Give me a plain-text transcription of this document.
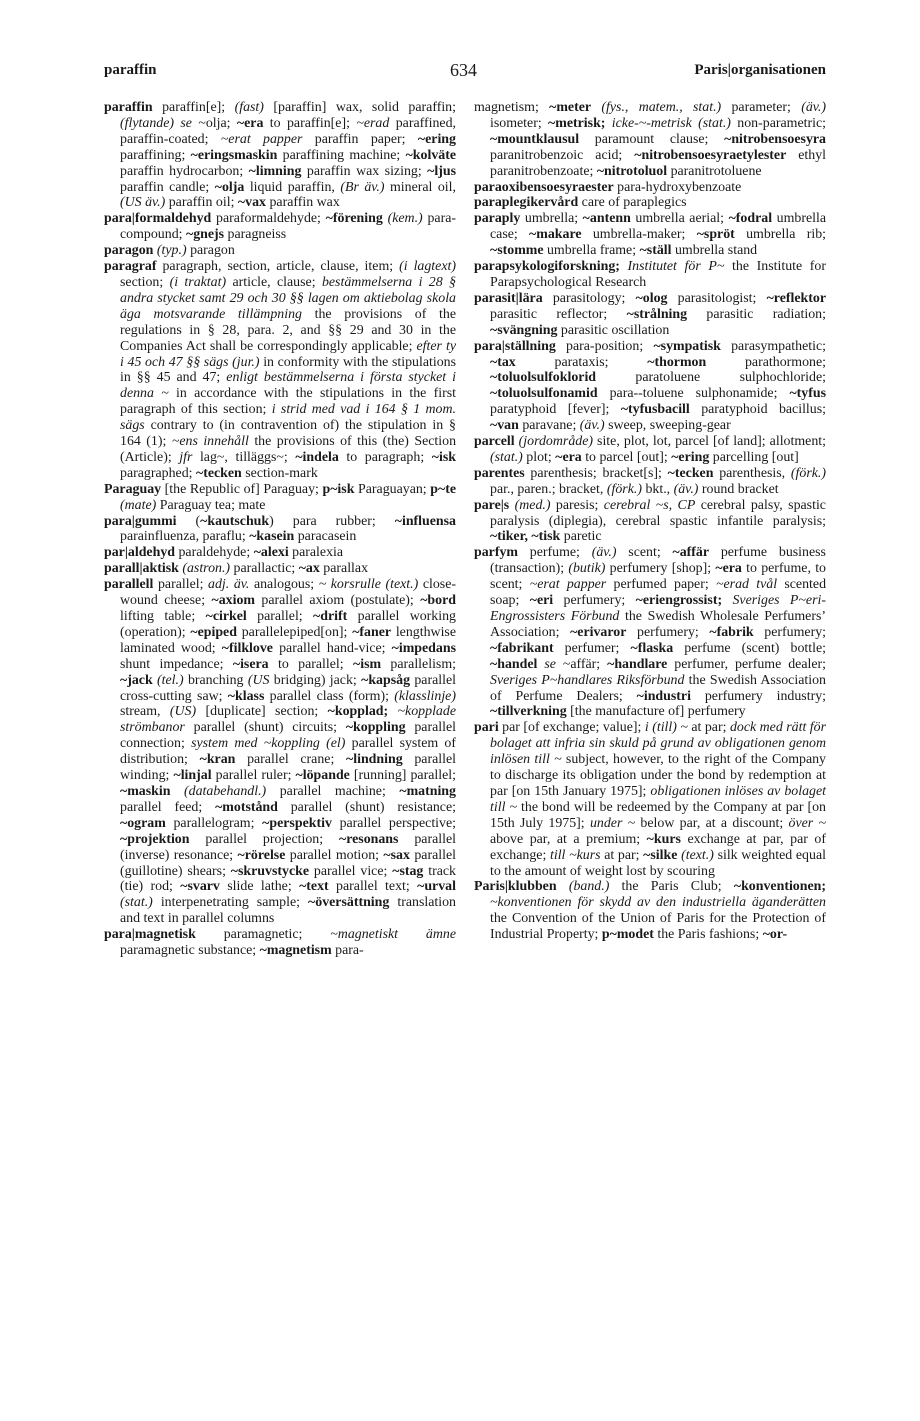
paraffin	634	Paris|organisationen

paraffin paraffin[e]; (fast) [paraffin] wax, solid paraffin; (flytande) se ~olja; ~era to paraffin[e]; ~erad paraffined, paraffin-coated; ~erat papper paraffin paper; ~ering paraffining; ~eringsmaskin paraffining machine; ~kolväte paraffin hydrocarbon; ~limning paraffin wax sizing; ~ljus paraffin candle; ~olja liquid paraffin, (Br äv.) mineral oil, (US äv.) paraffin oil; ~vax paraffin wax

para|formaldehyd paraformaldehyde; ~förening (kem.) para-compound; ~gnejs paragneiss

paragon (typ.) paragon

paragraf paragraph, section, article, clause, item; (i lagtext) section; (i traktat) article, clause; bestämmelserna i 28 § andra stycket samt 29 och 30 §§ lagen om aktiebolag skola äga motsvarande tillämpning the provisions of the regulations in § 28, para. 2, and §§ 29 and 30 in the Companies Act shall be correspondingly applicable; efter ty i 45 och 47 §§ sägs (jur.) in conformity with the stipulations in §§ 45 and 47; enligt bestämmelserna i första stycket i denna ~ in accordance with the stipulations in the first paragraph of this section; i strid med vad i 164 § 1 mom. sägs contrary to (in contravention of) the stipulation in § 164 (1); ~ens innehåll the provisions of this (the) Section (Article); jfr lag~, tilläggs~; ~indela to paragraph; ~isk paragraphed; ~tecken section-mark

Paraguay [the Republic of] Paraguay; p~isk Paraguayan; p~te (mate) Paraguay tea; mate

para|gummi (~kautschuk) para rubber; ~influensa parainfluenza, paraflu; ~kasein paracasein

par|aldehyd paraldehyde; ~alexi paralexia

parall|aktisk (astron.) parallactic; ~ax parallax

parallell parallel; adj. äv. analogous; ~ korsrulle (text.) close-wound cheese; ~axiom parallel axiom (postulate); ~bord lifting table; ~cirkel parallel; ~drift parallel working (operation); ~epiped parallelepiped[on]; ~faner lengthwise laminated wood; ~filklove parallel hand-vice; ~impedans shunt impedance; ~isera to parallel; ~ism parallelism; ~jack (tel.) branching (US bridging) jack; ~kapsåg parallel cross-cutting saw; ~klass parallel class (form); (klasslinje) stream, (US) [duplicate] section; ~kopplad; ~kopplade strömbanor parallel (shunt) circuits; ~koppling parallel connection; system med ~koppling (el) parallel system of distribution; ~kran parallel crane; ~lindning parallel winding; ~linjal parallel ruler; ~löpande [running] parallel; ~maskin (databehandl.) parallel machine; ~matning parallel feed; ~motstånd parallel (shunt) resistance; ~ogram parallelogram; ~perspektiv parallel perspective; ~projektion parallel projection; ~resonans parallel (inverse) resonance; ~rörelse parallel motion; ~sax parallel (guillotine) shears; ~skruvstycke parallel vice; ~stag track (tie) rod; ~svarv slide lathe; ~text parallel text; ~urval (stat.) interpenetrating sample; ~översättning translation and text in parallel columns

para|magnetisk paramagnetic; ~magnetiskt ämne paramagnetic substance; ~magnetism para-

magnetism; ~meter (fys., matem., stat.) parameter; (äv.) isometer; ~metrisk; icke-~-metrisk (stat.) non-parametric; ~mountklausul paramount clause; ~nitrobensoesyra paranitrobenzoic acid; ~nitrobensoesyraetylester ethyl paranitrobenzoate; ~nitrotoluol paranitrotoluene

paraoxibensoesyraester para-hydroxybenzoate

paraplegikervård care of paraplegics

paraply umbrella; ~antenn umbrella aerial; ~fodral umbrella case; ~makare umbrella-maker; ~spröt umbrella rib; ~stomme umbrella frame; ~ställ umbrella stand

parapsykologiforskning; Institutet för P~ the Institute for Parapsychological Research

parasit|lära parasitology; ~olog parasitologist; ~reflektor parasitic reflector; ~strålning parasitic radiation; ~svängning parasitic oscillation

para|ställning para-position; ~sympatisk parasympathetic; ~tax parataxis; ~thormon parathormone; ~toluolsulfoklorid paratoluene sulphochloride; ~toluolsulfonamid para--toluene sulphonamide; ~tyfus paratyphoid [fever]; ~tyfusbacill paratyphoid bacillus; ~van paravane; (äv.) sweep, sweeping-gear

parcell (jordområde) site, plot, lot, parcel [of land]; allotment; (stat.) plot; ~era to parcel [out]; ~ering parcelling [out]

parentes parenthesis; bracket[s]; ~tecken parenthesis, (förk.) par., paren.; bracket, (förk.) bkt., (äv.) round bracket

pare|s (med.) paresis; cerebral ~s, CP cerebral palsy, spastic paralysis (diplegia), cerebral spastic infantile paralysis; ~tiker, ~tisk paretic

parfym perfume; (äv.) scent; ~affär perfume business (transaction); (butik) perfumery [shop]; ~era to perfume, to scent; ~erat papper perfumed paper; ~erad tvål scented soap; ~eri perfumery; ~eriengrossist; Sveriges P~eri-Engrossisters Förbund the Swedish Wholesale Perfumers’ Association; ~erivaror perfumery; ~fabrik perfumery; ~fabrikant perfumer; ~flaska perfume (scent) bottle; ~handel se ~affär; ~handlare perfumer, perfume dealer; Sveriges P~handlares Riksförbund the Swedish Association of Perfume Dealers; ~industri perfumery industry; ~tillverkning [the manufacture of] perfumery

pari par [of exchange; value]; i (till) ~ at par; dock med rätt för bolaget att infria sin skuld på grund av obligationen genom inlösen till ~ subject, however, to the right of the Company to discharge its obligation under the bond by redemption at par [on 15th January 1975]; obligationen inlöses av bolaget till ~ the bond will be redeemed by the Company at par [on 15th July 1975]; under ~ below par, at a discount; över ~ above par, at a premium; ~kurs exchange at par, par of exchange; till ~kurs at par; ~silke (text.) silk weighted equal to the amount of weight lost by scouring

Paris|klubben (band.) the Paris Club; ~konventionen; ~konventionen för skydd av den industriella äganderätten the Convention of the Union of Paris for the Protection of Industrial Property; p~modet the Paris fashions; ~or-
